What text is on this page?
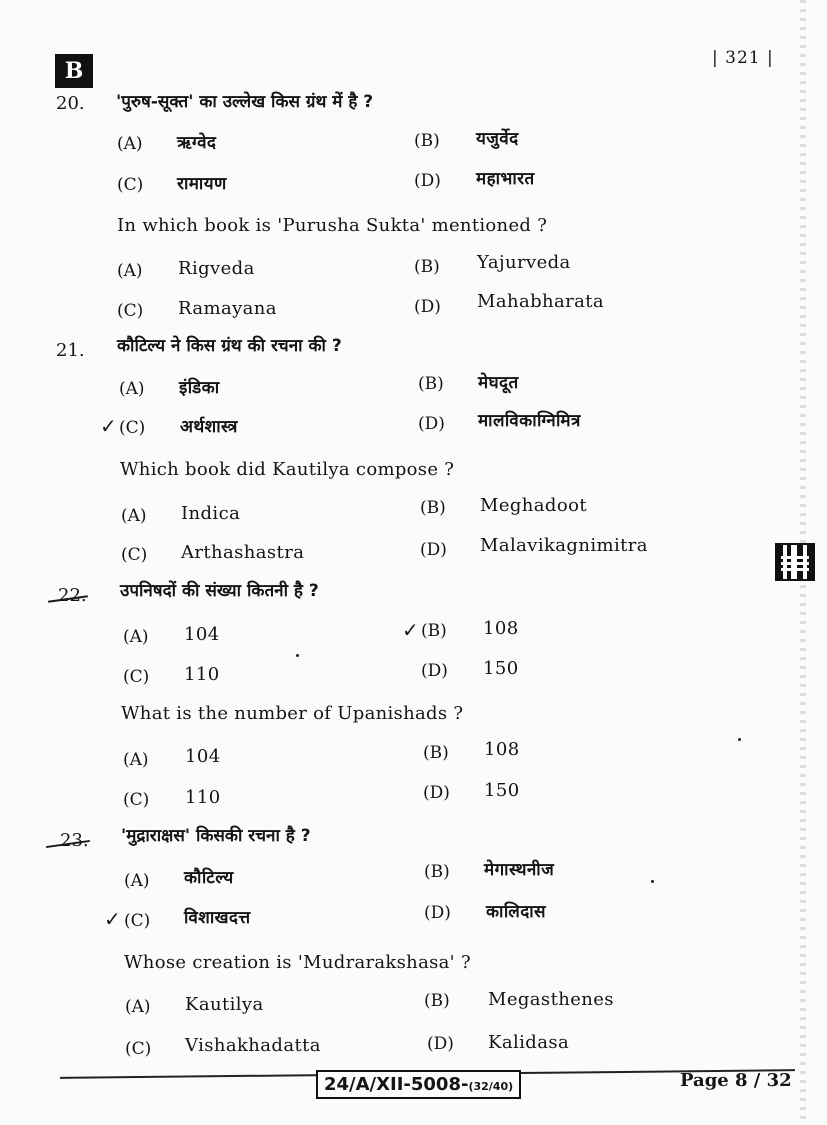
B	| 321 |
20. 'पुरुष-सूक्त' का उल्लेख किस ग्रंथ में है ?
(A) ऋग्वेद	(B) यजुर्वेद
(C) रामायण	(D) महाभारत
In which book is 'Purusha Sukta' mentioned ?
(A) Rigveda	(B) Yajurveda
(C) Ramayana	(D) Mahabharata
21. कौटिल्य ने किस ग्रंथ की रचना की ?
(A) इंडिका	(B) मेघदूत
✓ (C) अर्थशास्त्र	(D) मालविकाग्निमित्र
Which book did Kautilya compose ?
(A) Indica	(B) Meghadoot
(C) Arthashastra	(D) Malavikagnimitra
22. उपनिषदों की संख्या कितनी है ?
(A) 104	✓ (B) 108
(C) 110	(D) 150
What is the number of Upanishads ?
(A) 104	(B) 108
(C) 110	(D) 150
23. 'मुद्राराक्षस' किसकी रचना है ?
(A) कौटिल्य	(B) मेगास्थनीज
✓ (C) विशाखदत्त	(D) कालिदास
Whose creation is 'Mudrarakshasa' ?
(A) Kautilya	(B) Megasthenes
(C) Vishakhadatta	(D) Kalidasa
24/A/XII-5008-(32/40)	Page 8 / 32
